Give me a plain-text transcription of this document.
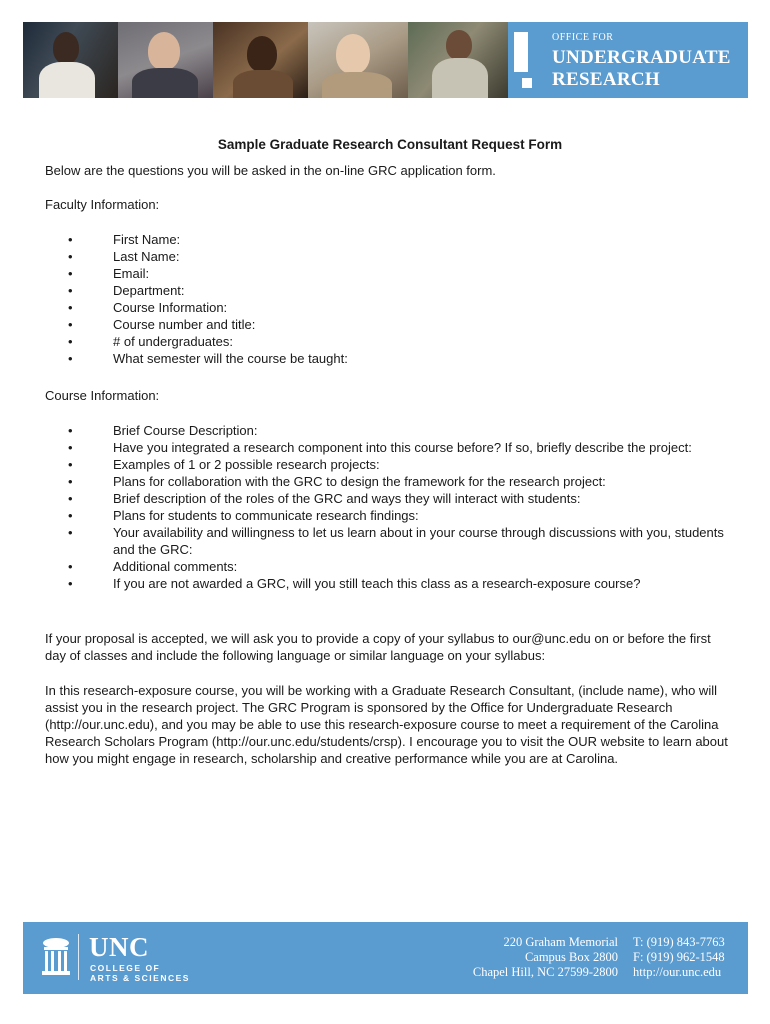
OFFICE FOR
UNDERGRADUATE
RESEARCH
Sample Graduate Research Consultant Request Form
Below are the questions you will be asked in the on-line GRC application form.
Faculty Information:
• First Name:
• Last Name:
• Email:
• Department:
• Course Information:
• Course number and title:
• # of undergraduates:
• What semester will the course be taught:
Course Information:
• Brief Course Description:
• Have you integrated a research component into this course before? If so, briefly describe the project:
• Examples of 1 or 2 possible research projects:
• Plans for collaboration with the GRC to design the framework for the research project:
• Brief description of the roles of the GRC and ways they will interact with students:
• Plans for students to communicate research findings:
• Your availability and willingness to let us learn about in your course through discussions with you, students and the GRC:
• Additional comments:
• If you are not awarded a GRC, will you still teach this class as a research-exposure course?
If your proposal is accepted, we will ask you to provide a copy of your syllabus to our@unc.edu on or before the first day of classes and include the following language or similar language on your syllabus:
In this research-exposure course, you will be working with a Graduate Research Consultant, (include name), who will assist you in the research project. The GRC Program is sponsored by the Office for Undergraduate Research (http://our.unc.edu), and you may be able to use this research-exposure course to meet a requirement of the Carolina Research Scholars Program (http://our.unc.edu/students/crsp). I encourage you to visit the OUR website to learn about how you might engage in research, scholarship and creative performance while you are at Carolina.
UNC
COLLEGE OF
ARTS & SCIENCES
220 Graham Memorial
Campus Box 2800
Chapel Hill, NC 27599-2800
T: (919) 843-7763
F: (919) 962-1548
http://our.unc.edu
